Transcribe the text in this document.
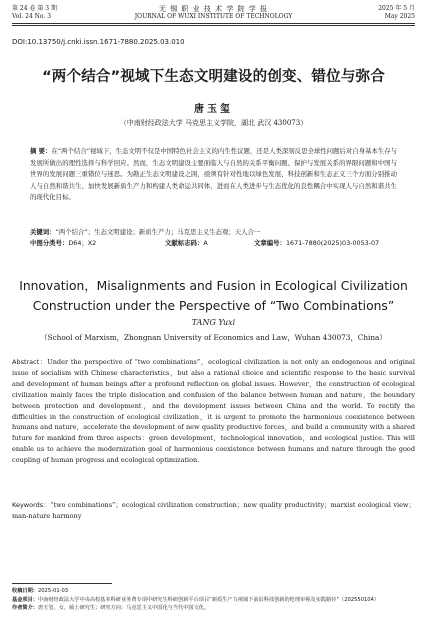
第 24 卷 第 3 期
Vol. 24 No. 3
无 锡 职 业 技 术 学 院 学 报
JOURNAL OF WUXI INSTITUTE OF TECHNOLOGY
2025 年 5 月
May 2025
DOI:10.13750/j.cnki.issn.1671-7880.2025.03.010
“两个结合”视域下生态文明建设的创变、错位与弥合
唐玉玺
（中南财经政法大学 马克思主义学院，湖北 武汉 430073）
摘 要：在“两个结合”视域下，生态文明不仅是中国特色社会主义的内生性议题，还是人类深刻反思全球性问题后对自身基本生存与发展所做出的理性选择与科学回应。然而，生态文明建设主要面临人与自然的关系平衡问题、保护与发展关系的界限问题和中国与世界的发展问题三重错位与迷思。为勘正生态文明建设之困，亟须有针对性地以绿色发展、科技创新和生态正义三个方面分别推动人与自然和谐共生、加快发展新质生产力和构建人类命运共同体，进而在人类进步与生态优化的良性耦合中实现人与自然和谐共生的现代化目标。
关键词：“两个结合”；生态文明建设；新质生产力；马克思主义生态观；天人合一
中图分类号：D64；X2	文献标志码：A	文章编号：1671-7880(2025)03-0053-07
Innovation，Misalignments and Fusion in Ecological Civilization
Construction under the Perspective of “Two Combinations”
TANG Yuxi
（School of Marxism，Zhongnan University of Economics and Law，Wuhan 430073，China）
Abstract：Under the perspective of “two combinations”，ecological civilization is not only an endogenous and original issue of socialism with Chinese characteristics，but also a rational choice and scientific response to the basic survival and development of human beings after a profound reflection on global issues. However，the construction of ecological civilization mainly faces the triple dislocation and confusion of the balance between human and nature，the boundary between protection and development，and the development issues between China and the world. To rectify the difficulties in the construction of ecological civilization，it is urgent to promote the harmonious coexistence between humans and nature，accelerate the development of new quality productive forces，and build a community with a shared future for mankind from three aspects：green development，technological innovation，and ecological justice. This will enable us to achieve the modernization goal of harmonious coexistence between humans and nature through the good coupling of human progress and ecological optimization.
Keywords：“two combinations”；ecological civilization construction；new quality productivity；marxist ecological view；man-nature harmony
收稿日期：2025-01-03
基金项目：中南财经政法大学中央高校基本科研业务费专项中研究生科研创新平台项目“新质生产力视域下前沿科技创新的伦理审视及实践路径”（202550104）
作者简介：唐玉玺，女，硕士研究生；研究方向：马克思主义中国化与当代中国文化。
